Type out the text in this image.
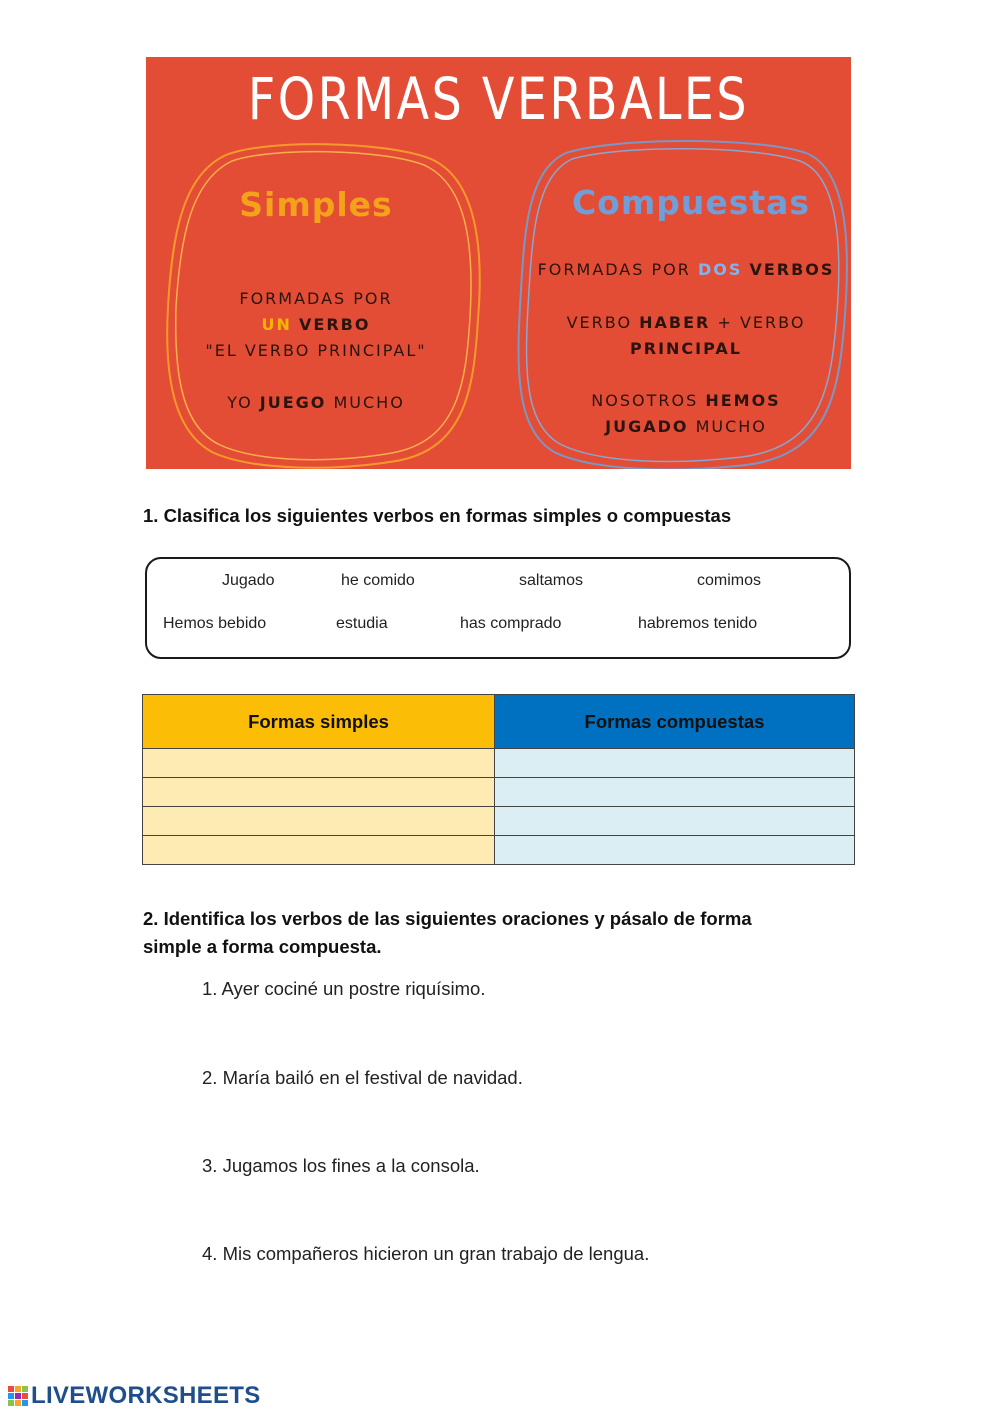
FORMAS VERBALES
Simples
FORMADAS POR
UN VERBO
"EL VERBO PRINCIPAL"
YO JUEGO MUCHO
Compuestas
FORMADAS POR DOS VERBOS
VERBO HABER + VERBO
PRINCIPAL
NOSOTROS HEMOS
JUGADO MUCHO
1. Clasifica los siguientes verbos en formas simples o compuestas
Jugado	he comido	saltamos	comimos
Hemos bebido	estudia	has comprado	habremos tenido
Formas simples	Formas compuestas

2. Identifica los verbos de las siguientes oraciones y pásalo de forma
simple a forma compuesta.
1. Ayer cociné un postre riquísimo.
2. María bailó en el festival de navidad.
3. Jugamos los fines a la consola.
4. Mis compañeros hicieron un gran trabajo de lengua.
LIVEWORKSHEETS
